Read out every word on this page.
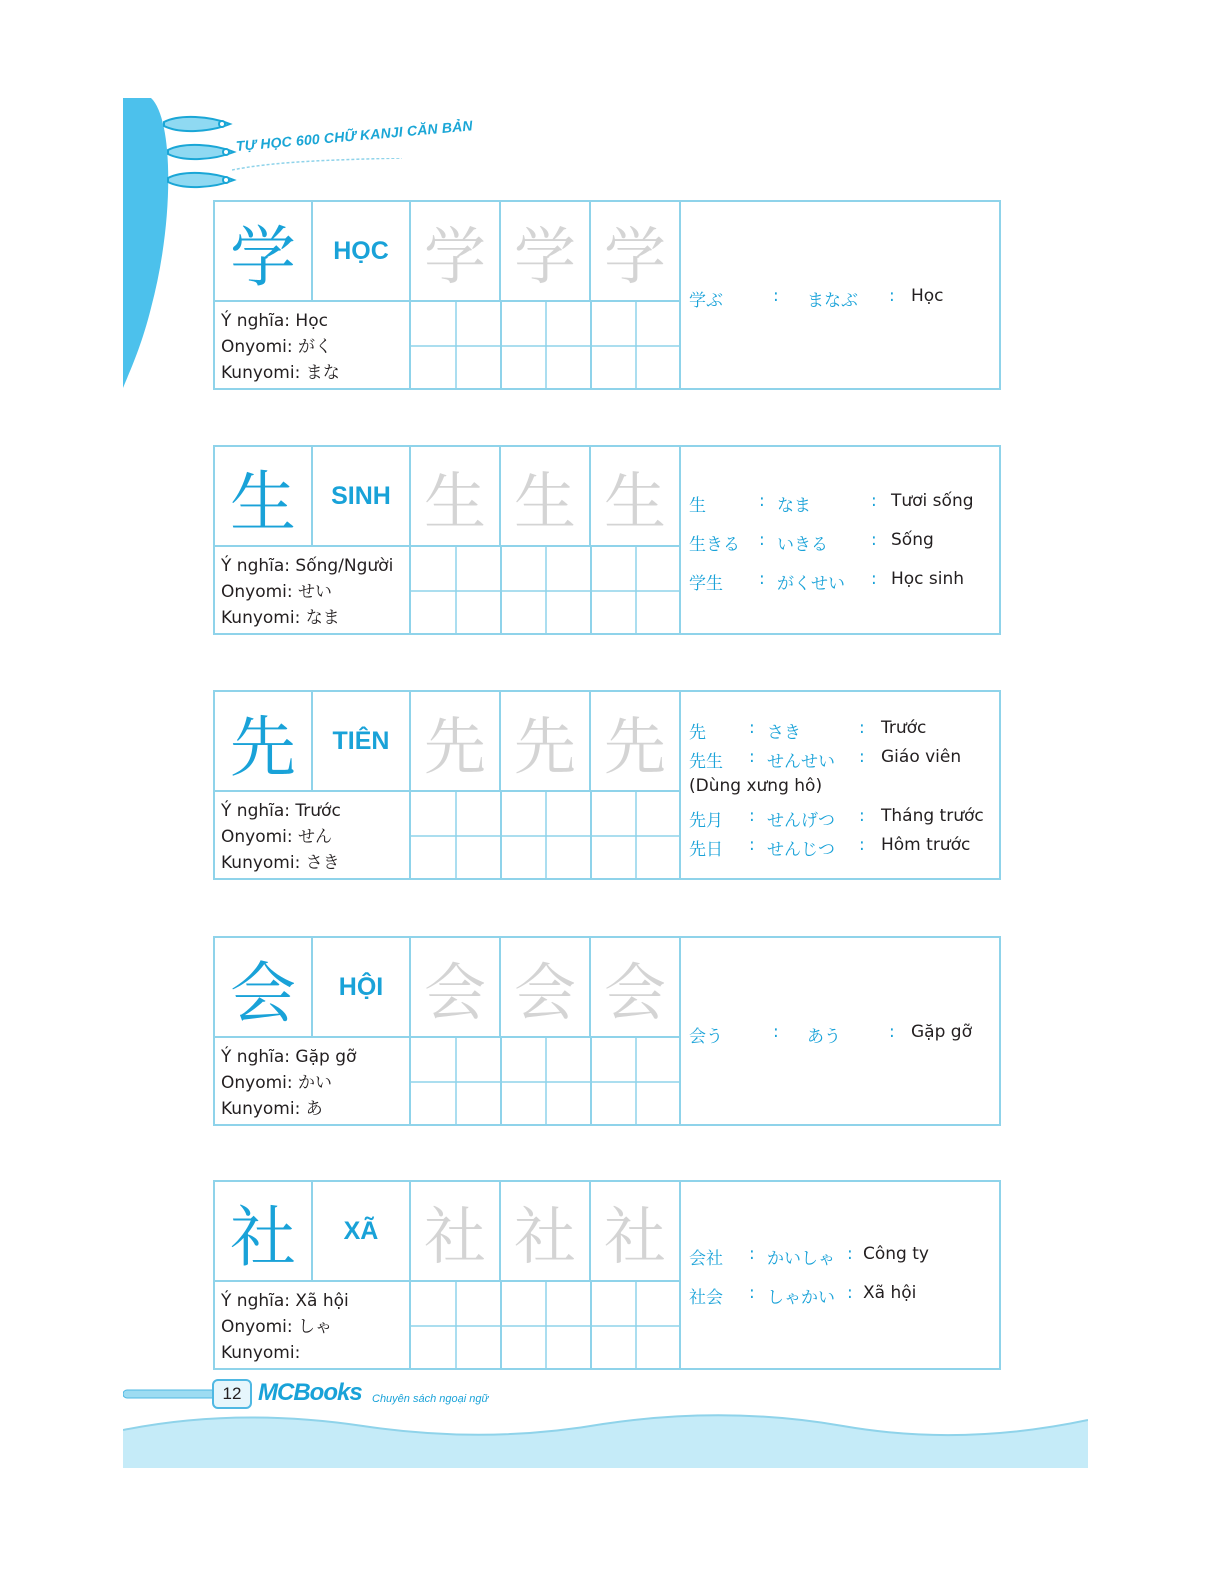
TỰ HỌC 600 CHỮ KANJI CĂN BẢN
学	HỌC 学 学 学
Ý nghĩa: Học
Onyomi: がく
Kunyomi: まな
学ぶ	: まなぶ : Học
生	SINH 生 生 生
Ý nghĩa: Sống/Người
Onyomi: せい
Kunyomi: なま
生	: なま	: Tươi sống
生きる : いきる	: Sống
学生 : がくせい : Học sinh
先	TIÊN 先 先 先
Ý nghĩa: Trước
Onyomi: せん
Kunyomi: さき
先	: さき	: Trước
先生 : せんせい : Giáo viên
先月 : せんげつ : Tháng trước
先日 : せんじつ : Hôm trước
(Dùng xưng hô)
会	HỘI 会 会 会
Ý nghĩa: Gặp gỡ
Onyomi: かい
Kunyomi: あ
会う	: あう	: Gặp gỡ
社	XÃ 社 社 社
Ý nghĩa: Xã hội
Onyomi: しゃ
Kunyomi:
会社 : かいしゃ : Công ty
社会 : しゃかい : Xã hội
12 MCBooks Chuyên sách ngoại ngữ
